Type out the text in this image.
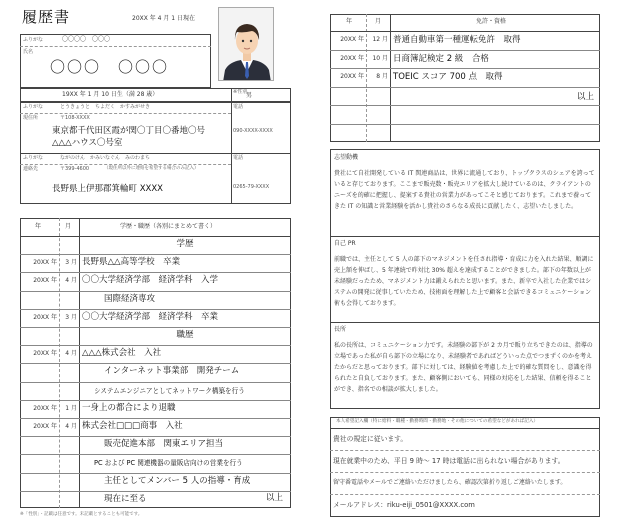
履歴書	20XX 年 4 月 1 日現在
ふりがな	〇〇〇〇　〇〇〇
氏名
〇〇〇　〇〇〇
19XX 年 1 月 10 日生（満 28 歳）	※性別
男
ふりがな	とうきょうと　ちよだく　かすみがせき
現住所	〒108-XXXX
東京都千代田区霞が関〇丁目〇番地〇号
△△△ハウス〇号室
電話
090-XXXX-XXXX
ふりがな	ながのけん　かみいなぐん　みのわまち
連絡先	〒399-4600	（現住所以外に連絡を希望する場合のみ記入）
長野県上伊那郡箕輪町 XXXX
電話
0265-79-XXXX
年	月	学歴・職歴（各別にまとめて書く）
学歴
20XX 年	3 月 長野県△△高等学校　卒業
20XX 年	4 月 〇〇大学経済学部　経済学科　入学
国際経済専攻
20XX 年	3 月 〇〇大学経済学部　経済学科　卒業
職歴
20XX 年	4 月 △△△株式会社　入社
インターネット事業部　開発チーム
システムエンジニアとしてネットワーク構築を行う
20XX 年	1 月 一身上の都合により退職
20XX 年	4 月 株式会社□□□商事　入社
販売促進本部　関東エリア担当
PC および PC 関連機器の量販店向けの営業を行う
主任としてメンバー 5 人の指導・育成
現在に至る	以上
※「性別」・記載は任意です。未記載とすることも可能です。
年	月	免許・資格
20XX 年	12 月 普通自動車第一種運転免許　取得
20XX 年	10 月 日商簿記検定 2 級　合格
20XX 年	8 月 TOEIC スコア 700 点　取得
以上
志望動機
貴社にて自社開発している IT 関連商品は、世界に流通しており、トップクラスのシェアを誇っていると存じております。ここまで販売数・販売エリアを拡大し続けているのは、クライアントのニーズを的確に把握し、提案する貴社の営業力があってこそと感じております。これまで養ってきた IT の知識と営業経験を活かし貴社のさらなる成長に貢献したく、志望いたしました。
自己 PR
前職では、主任として 5 人の部下のマネジメントを任され指導・育成に力を入れた結果、順調に売上額を伸ばし、5 年連続で昨対比 30% 超えを達成することができました。部下の年数以上が未経験だったため、マネジメント力は鍛えられたと思います。また、新卒で入社した企業ではシステムの開発に従事していたため、技術面を理解した上で顧客と会話できるコミュニケーション術も会得しております。
長所
私の長所は、コミュニケーション力です。未経験の部下が 2 カ月で販り立ちできたのは、指導の立場であった私が自ら部下の立場になり、未経験者であればどういった点でつまずくのかを考えたからだと思っております。部下に対しては、経験値を考慮した上で的確な質問をし、意識を得られたと自負しております。また、顧客側においても、同様の対応をした結果、信頼を得ることができ、指名での相談が拡大しました。
本人希望記入欄（特に給料・職種・勤務時間・勤務地・その他についての希望などがあれば記入）
貴社の規定に従います。
現在就業中のため、平日 9 時～ 17 時は電話に出られない場合があります。
留守番電話やメールでご連絡いただけましたら、確認次第折り返しご連絡いたします。
メールアドレス：riku-eiji_0501@XXXX.com
